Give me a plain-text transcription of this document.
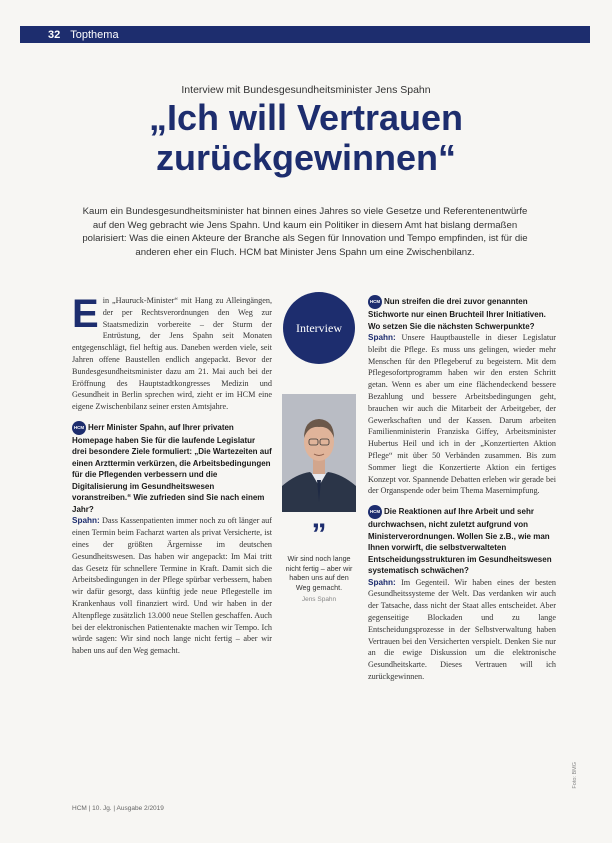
32 Topthema
Interview mit Bundesgesundheitsminister Jens Spahn
„Ich will Vertrauen
zurückgewinnen“
Kaum ein Bundesgesundheitsminister hat binnen eines Jahres so viele Gesetze und Referentenentwürfe auf den Weg gebracht wie Jens Spahn. Und kaum ein Politiker in diesem Amt hat bislang dermaßen polarisiert: Was die einen Akteure der Branche als Segen für Innovation und Tempo empfinden, ist für die anderen eher ein Fluch. HCM bat Minister Jens Spahn um eine Zwischenbilanz.

Ein „Hauruck-Minister“ mit Hang zu Alleingängen, der per Rechtsverordnungen den Weg zur Staatsmedizin vorbereite – der Sturm der Entrüstung, der Jens Spahn seit Monaten entgegenschlägt, fiel heftig aus. Daneben werden viele, seit Jahren offene Baustellen endlich angepackt. Bevor der Bundesgesundheitsminister dazu am 21. Mai auch bei der Eröffnung des Hauptstadtkongresses Medizin und Gesundheit in Berlin sprechen wird, zieht er im HCM eine eigene Zwischenbilanz seiner ersten Amtsjahre.

HCM Herr Minister Spahn, auf Ihrer privaten Homepage haben Sie für die laufende Legislatur drei besondere Ziele formuliert: „Die Wartezeiten auf einen Arzttermin verkürzen, die Arbeitsbedingungen für die Pflegenden verbessern und die Digitalisierung im Gesundheitswesen voranstreiben.“ Wie zufrieden sind Sie nach einem Jahr?

Spahn: Dass Kassenpatienten immer noch zu oft länger auf einen Termin beim Facharzt warten als privat Versicherte, ist eines der größten Ärgernisse im deutschen Gesundheitswesen. Das haben wir angepackt: Im Mai tritt das Gesetz für schnellere Termine in Kraft. Damit sich die Arbeitsbedingungen in der Pflege spürbar verbessern, haben wir dafür gesorgt, dass künftig jede neue Pflegestelle im Krankenhaus voll finanziert wird. Und wir haben in der Altenpflege zusätzlich 13.000 neue Stellen geschaffen. Auch bei der elektronischen Patientenakte machen wir Tempo. Ich würde sagen: Wir sind noch lange nicht fertig – aber wir haben uns auf den Weg gemacht.

Interview
”
Wir sind noch lange nicht fertig – aber wir haben uns auf den Weg gemacht.
Jens Spahn

HCM Nun streifen die drei zuvor genannten Stichworte nur einen Bruchteil Ihrer Initiativen. Wo setzen Sie die nächsten Schwerpunkte?

Spahn: Unsere Hauptbaustelle in dieser Legislatur bleibt die Pflege. Es muss uns gelingen, wieder mehr Menschen für den Pflegeberuf zu begeistern. Mit dem Pflegesofortprogramm haben wir den ersten Schritt getan. Wenn es aber um eine flächendeckend bessere Bezahlung und bessere Arbeitsbedingungen geht, brauchen wir auch die Mitarbeit der Arbeitgeber, der Gewerkschaften und der Kassen. Darum arbeiten Familienministerin Franziska Giffey, Arbeitsminister Hubertus Heil und ich in der „Konzertierten Aktion Pflege“ mit über 50 Verbänden zusammen. Bis zum Sommer liegt die Konzertierte Aktion ein fertiges Konzept vor. Spannende Debatten erleben wir gerade bei der Organspende oder beim Thema Masernimpfung.

HCM Die Reaktionen auf Ihre Arbeit und sehr durchwachsen, nicht zuletzt aufgrund von Ministerverordnungen. Wollen Sie z.B., wie man Ihnen vorwirft, die selbstverwalteten Entscheidungsstrukturen im Gesundheitswesen systematisch schwächen?

Spahn: Im Gegenteil. Wir haben eines der besten Gesundheitssysteme der Welt. Das verdanken wir auch der Tatsache, dass nicht der Staat alles entscheidet. Aber gegenseitige Blockaden und zu lange Entscheidungsprozesse in der Selbstverwaltung haben Vertrauen bei den Versicherten verspielt. Denken Sie nur an die ewige Diskussion um die elektronische Gesundheitskarte. Dieses Vertrauen will ich zurückgewinnen.

HCM | 10. Jg. | Ausgabe 2/2019
Foto: BMG
